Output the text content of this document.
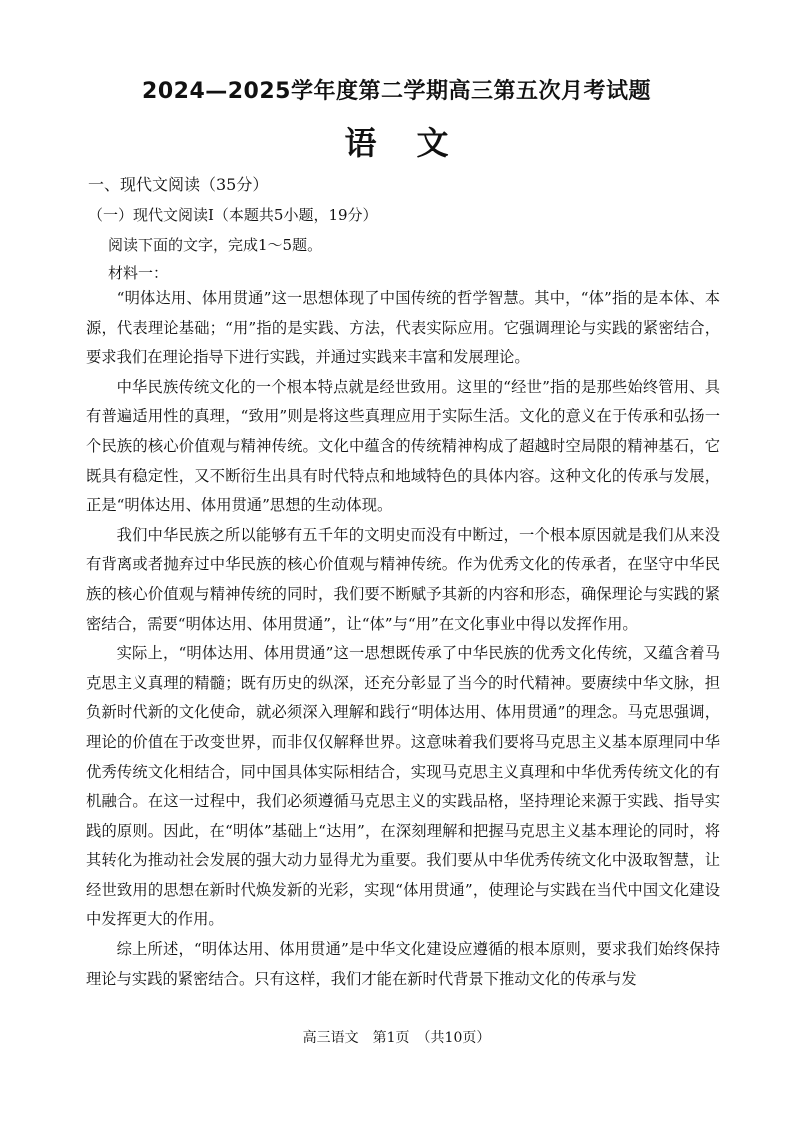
2024—2025学年度第二学期高三第五次月考试题
语文
一、现代文阅读（35分）
（一）现代文阅读Ⅰ（本题共5小题，19分）
阅读下面的文字，完成1～5题。
材料一：

“明体达用、体用贯通”这一思想体现了中国传统的哲学智慧。其中，“体”指的是本体、本源，代表理论基础；“用”指的是实践、方法，代表实际应用。它强调理论与实践的紧密结合，要求我们在理论指导下进行实践，并通过实践来丰富和发展理论。

中华民族传统文化的一个根本特点就是经世致用。这里的“经世”指的是那些始终管用、具有普遍适用性的真理，“致用”则是将这些真理应用于实际生活。文化的意义在于传承和弘扬一个民族的核心价值观与精神传统。文化中蕴含的传统精神构成了超越时空局限的精神基石，它既具有稳定性，又不断衍生出具有时代特点和地域特色的具体内容。这种文化的传承与发展，正是“明体达用、体用贯通”思想的生动体现。

我们中华民族之所以能够有五千年的文明史而没有中断过，一个根本原因就是我们从来没有背离或者抛弃过中华民族的核心价值观与精神传统。作为优秀文化的传承者，在坚守中华民族的核心价值观与精神传统的同时，我们要不断赋予其新的内容和形态，确保理论与实践的紧密结合，需要“明体达用、体用贯通”，让“体”与“用”在文化事业中得以发挥作用。

实际上，“明体达用、体用贯通”这一思想既传承了中华民族的优秀文化传统，又蕴含着马克思主义真理的精髓；既有历史的纵深，还充分彰显了当今的时代精神。要赓续中华文脉，担负新时代新的文化使命，就必须深入理解和践行“明体达用、体用贯通”的理念。马克思强调，理论的价值在于改变世界，而非仅仅解释世界。这意味着我们要将马克思主义基本原理同中华优秀传统文化相结合，同中国具体实际相结合，实现马克思主义真理和中华优秀传统文化的有机融合。在这一过程中，我们必须遵循马克思主义的实践品格，坚持理论来源于实践、指导实践的原则。因此，在“明体”基础上“达用”，在深刻理解和把握马克思主义基本理论的同时，将其转化为推动社会发展的强大动力显得尤为重要。我们要从中华优秀传统文化中汲取智慧，让经世致用的思想在新时代焕发新的光彩，实现“体用贯通”，使理论与实践在当代中国文化建设中发挥更大的作用。

综上所述，“明体达用、体用贯通”是中华文化建设应遵循的根本原则，要求我们始终保持理论与实践的紧密结合。只有这样，我们才能在新时代背景下推动文化的传承与发

高三语文　第1页　（共10页）
